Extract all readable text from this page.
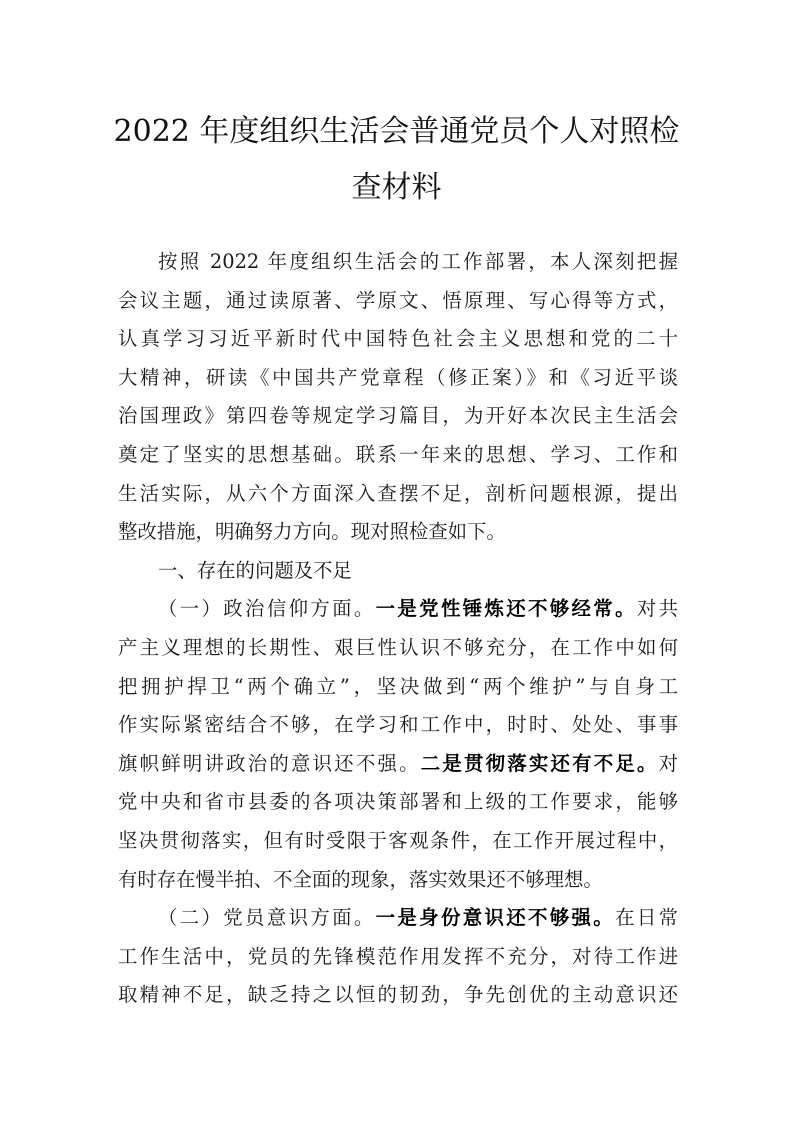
2022 年度组织生活会普通党员个人对照检
查材料
按照 2022 年度组织生活会的工作部署，本人深刻把握
会议主题，通过读原著、学原文、悟原理、写心得等方式，
认真学习习近平新时代中国特色社会主义思想和党的二十
大精神，研读《中国共产党章程（修正案）》和《习近平谈
治国理政》第四卷等规定学习篇目，为开好本次民主生活会
奠定了坚实的思想基础。联系一年来的思想、学习、工作和
生活实际，从六个方面深入查摆不足，剖析问题根源，提出
整改措施，明确努力方向。现对照检查如下。
一、存在的问题及不足
（一）政治信仰方面。一是党性锤炼还不够经常。对共
产主义理想的长期性、艰巨性认识不够充分，在工作中如何
把拥护捍卫“两个确立”，坚决做到“两个维护”与自身工
作实际紧密结合不够，在学习和工作中，时时、处处、事事
旗帜鲜明讲政治的意识还不强。二是贯彻落实还有不足。对
党中央和省市县委的各项决策部署和上级的工作要求，能够
坚决贯彻落实，但有时受限于客观条件，在工作开展过程中，
有时存在慢半拍、不全面的现象，落实效果还不够理想。
（二）党员意识方面。一是身份意识还不够强。在日常
工作生活中，党员的先锋模范作用发挥不充分，对待工作进
取精神不足，缺乏持之以恒的韧劲，争先创优的主动意识还
